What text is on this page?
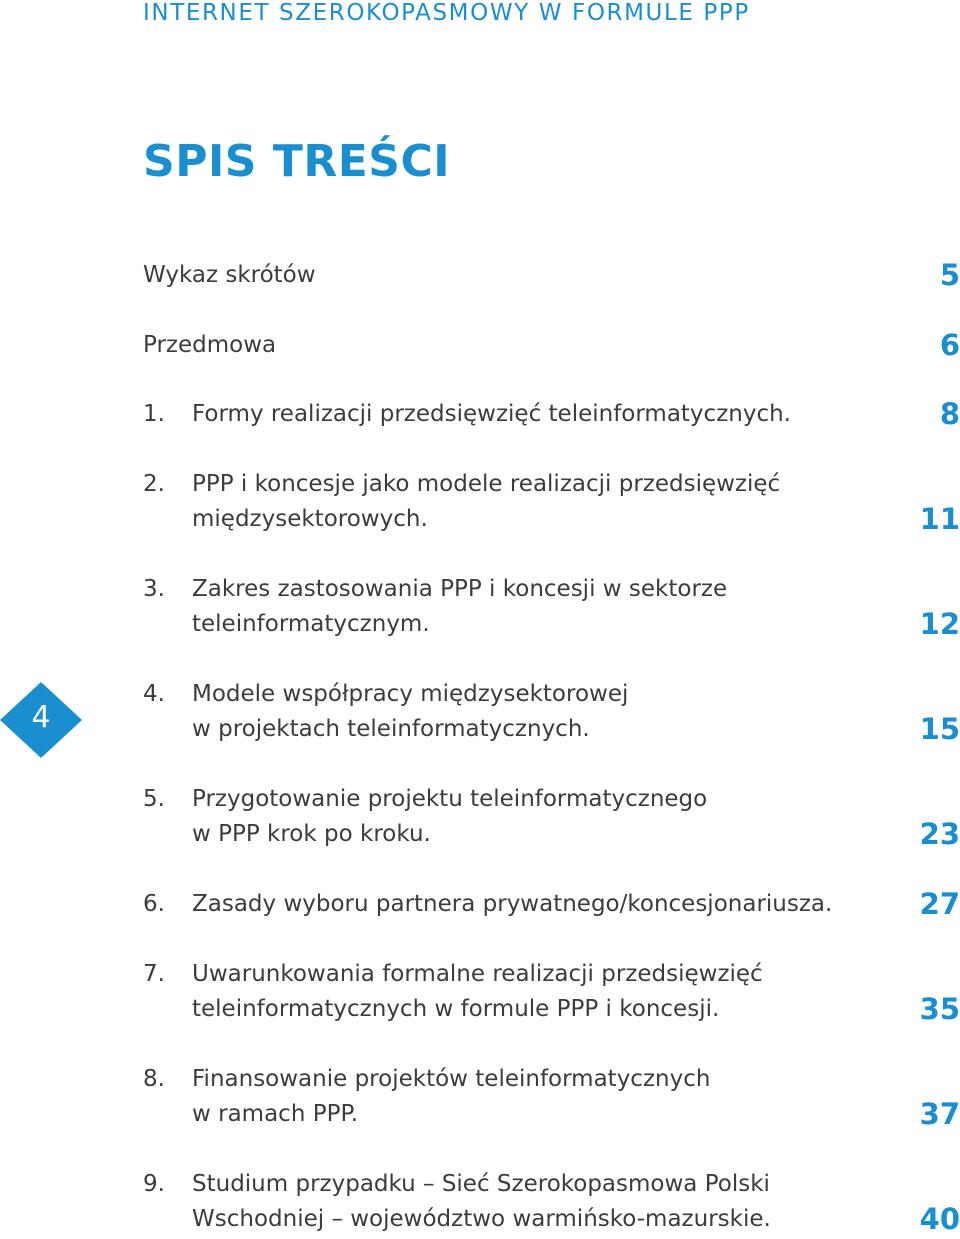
INTERNET SZEROKOPASMOWY W FORMULE PPP
SPIS TREŚCI
4
Wykaz skrótów	5
Przedmowa	6
1. Formy realizacji przedsięwzięć teleinformatycznych.	8
2. PPP i koncesje jako modele realizacji przedsięwzięć
międzysektorowych.	11
3. Zakres zastosowania PPP i koncesji w sektorze
teleinformatycznym.	12
4. Modele współpracy międzysektorowej
w projektach teleinformatycznych.	15
5. Przygotowanie projektu teleinformatycznego
w PPP krok po kroku.	23
6. Zasady wyboru partnera prywatnego/koncesjonariusza.	27
7. Uwarunkowania formalne realizacji przedsięwzięć
teleinformatycznych w formule PPP i koncesji.	35
8. Finansowanie projektów teleinformatycznych
w ramach PPP.	37
9. Studium przypadku – Sieć Szerokopasmowa Polski
Wschodniej – województwo warmińsko-mazurskie.	40
